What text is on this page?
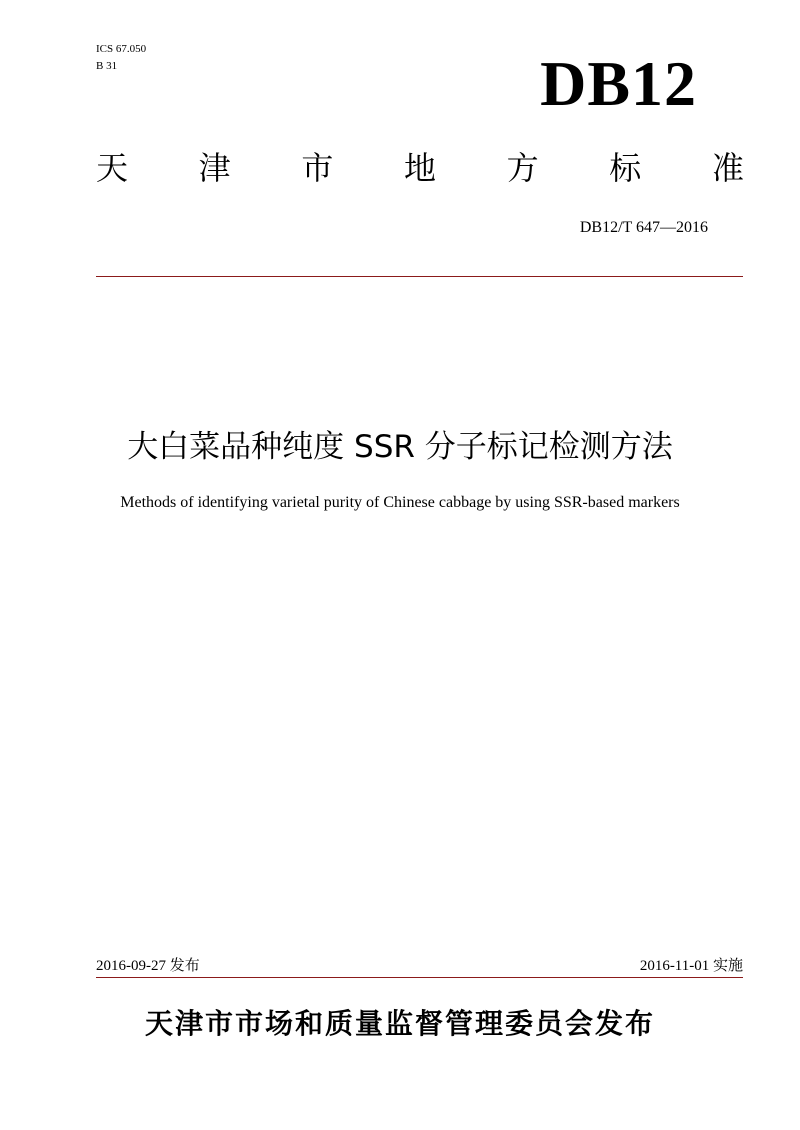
ICS 67.050
B 31	DB12
天 津 市 地 方 标 准
DB12/T 647—2016
大白菜品种纯度 SSR 分子标记检测方法
Methods of identifying varietal purity of Chinese cabbage by using SSR-based markers
2016-09-27 发布	2016-11-01 实施
天津市市场和质量监督管理委员会发布
